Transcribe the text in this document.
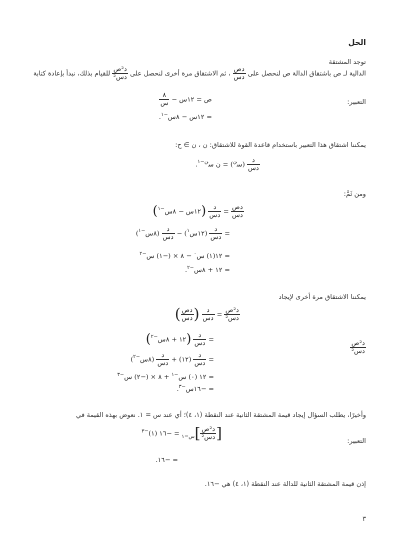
الحل
توجد المشتقة
الدالية لـ ص باشتقاق الدالة ص لنحصل على
$\frac{\text{دص}}{\text{دس}}$
، ثم الاشتقاق مرة أخرى لنحصل على
$\frac{\text{د²ص}}{\text{دس²}}$
للقيام بذلك، نبدأ بإعادة كتابة
التعبير:
ص = ١٢س −
$\frac{٨}{\text{س}}$
= ١٢س − ٨س$^{-١}$.
يمكننا اشتقاق هذا التعبير باستخدام قاعدة القوة للاشتقاق: ن ، ن ∋ ح:
$\frac{\text{د}}{\text{دس}}$
(س$^ن$) = ن س$^{ن-١}$.
ومن ثَمَّ:
$\frac{\text{دص}}{\text{دس}}$
=
$\frac{\text{د}}{\text{دس}}$
(١٢س − ٨س$^{-١}$)
=
$\frac{\text{د}}{\text{دس}}$
(١٢س$^١$) −
$\frac{\text{د}}{\text{دس}}$
(٨س$^{-١}$)
= ١٢(١) س$^٠$ − ٨ × (−١) س$^{-٢}$
= ١٢ + ٨س$^{-٢}$.
يمكننا الاشتقاق مرة أخرى لإيجاد
$\frac{\text{د²ص}}{\text{دس²}}$
$\frac{\text{د²ص}}{\text{دس²}}$
=
$\frac{\text{د}}{\text{دس}}$
(
$\frac{\text{دص}}{\text{دس}}$
)
=
$\frac{\text{د}}{\text{دس}}$
(١٢ + ٨س$^{-٢}$)
=
$\frac{\text{د}}{\text{دس}}$
(١٢) +
$\frac{\text{د}}{\text{دس}}$
(٨س$^{-٢}$)
= ١٢ (٠) س$^{-١}$ + ٨ × (−٢) س$^{-٣}$
= −١٦س$^{-٣}$.
وأخيرًا، يطلب السؤال إيجاد قيمة المشتقة الثانية عند النقطة (١، ٤)؛ أي عند س = ١. نعوض بهذه القيمة في
التعبير:
[
$\frac{\text{د²ص}}{\text{دس²}}$
]$_{س=١}$ = −١٦ (١)$^{-٣}$
= −١٦.
إذن قيمة المشتقة الثانية للدالة عند النقطة (١، ٤) هي −١٦.
٣
